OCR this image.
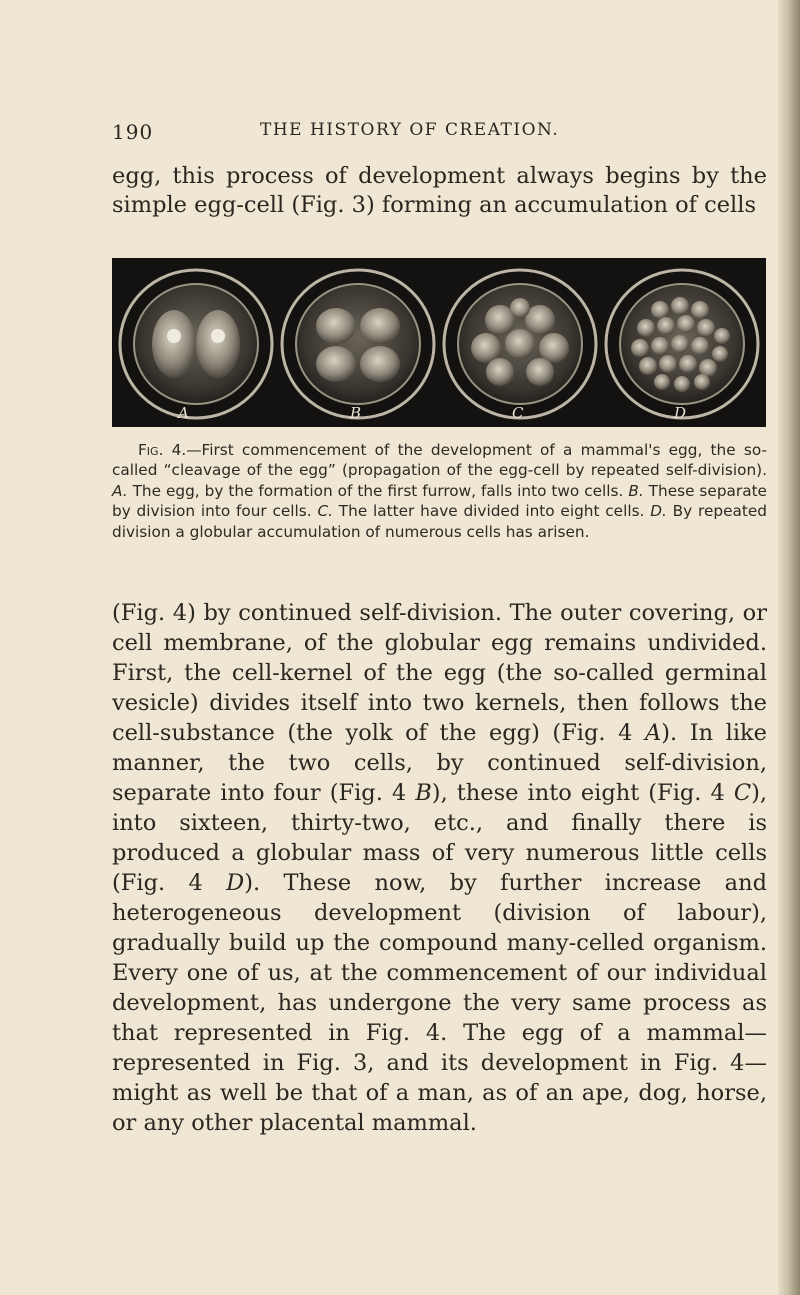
190	THE HISTORY OF CREATION.

egg, this process of development always begins by the simple egg-cell (Fig. 3) forming an accumulation of cells

A	B	C	D

Fig. 4.—First commencement of the development of a mammal's egg, the so-called “cleavage of the egg” (propagation of the egg-cell by repeated self-division). A. The egg, by the formation of the first furrow, falls into two cells. B. These separate by division into four cells. C. The latter have divided into eight cells. D. By repeated division a globular accumulation of numerous cells has arisen.

(Fig. 4) by continued self-division. The outer covering, or cell membrane, of the globular egg remains undivided. First, the cell-kernel of the egg (the so-called germinal vesicle) divides itself into two kernels, then follows the cell-substance (the yolk of the egg) (Fig. 4 A). In like manner, the two cells, by continued self-division, separate into four (Fig. 4 B), these into eight (Fig. 4 C), into sixteen, thirty-two, etc., and finally there is produced a globular mass of very numerous little cells (Fig. 4 D). These now, by further increase and heterogeneous development (division of labour), gradually build up the compound many-celled organism. Every one of us, at the commencement of our individual development, has undergone the very same process as that represented in Fig. 4. The egg of a mammal—represented in Fig. 3, and its development in Fig. 4—might as well be that of a man, as of an ape, dog, horse, or any other placental mammal.
